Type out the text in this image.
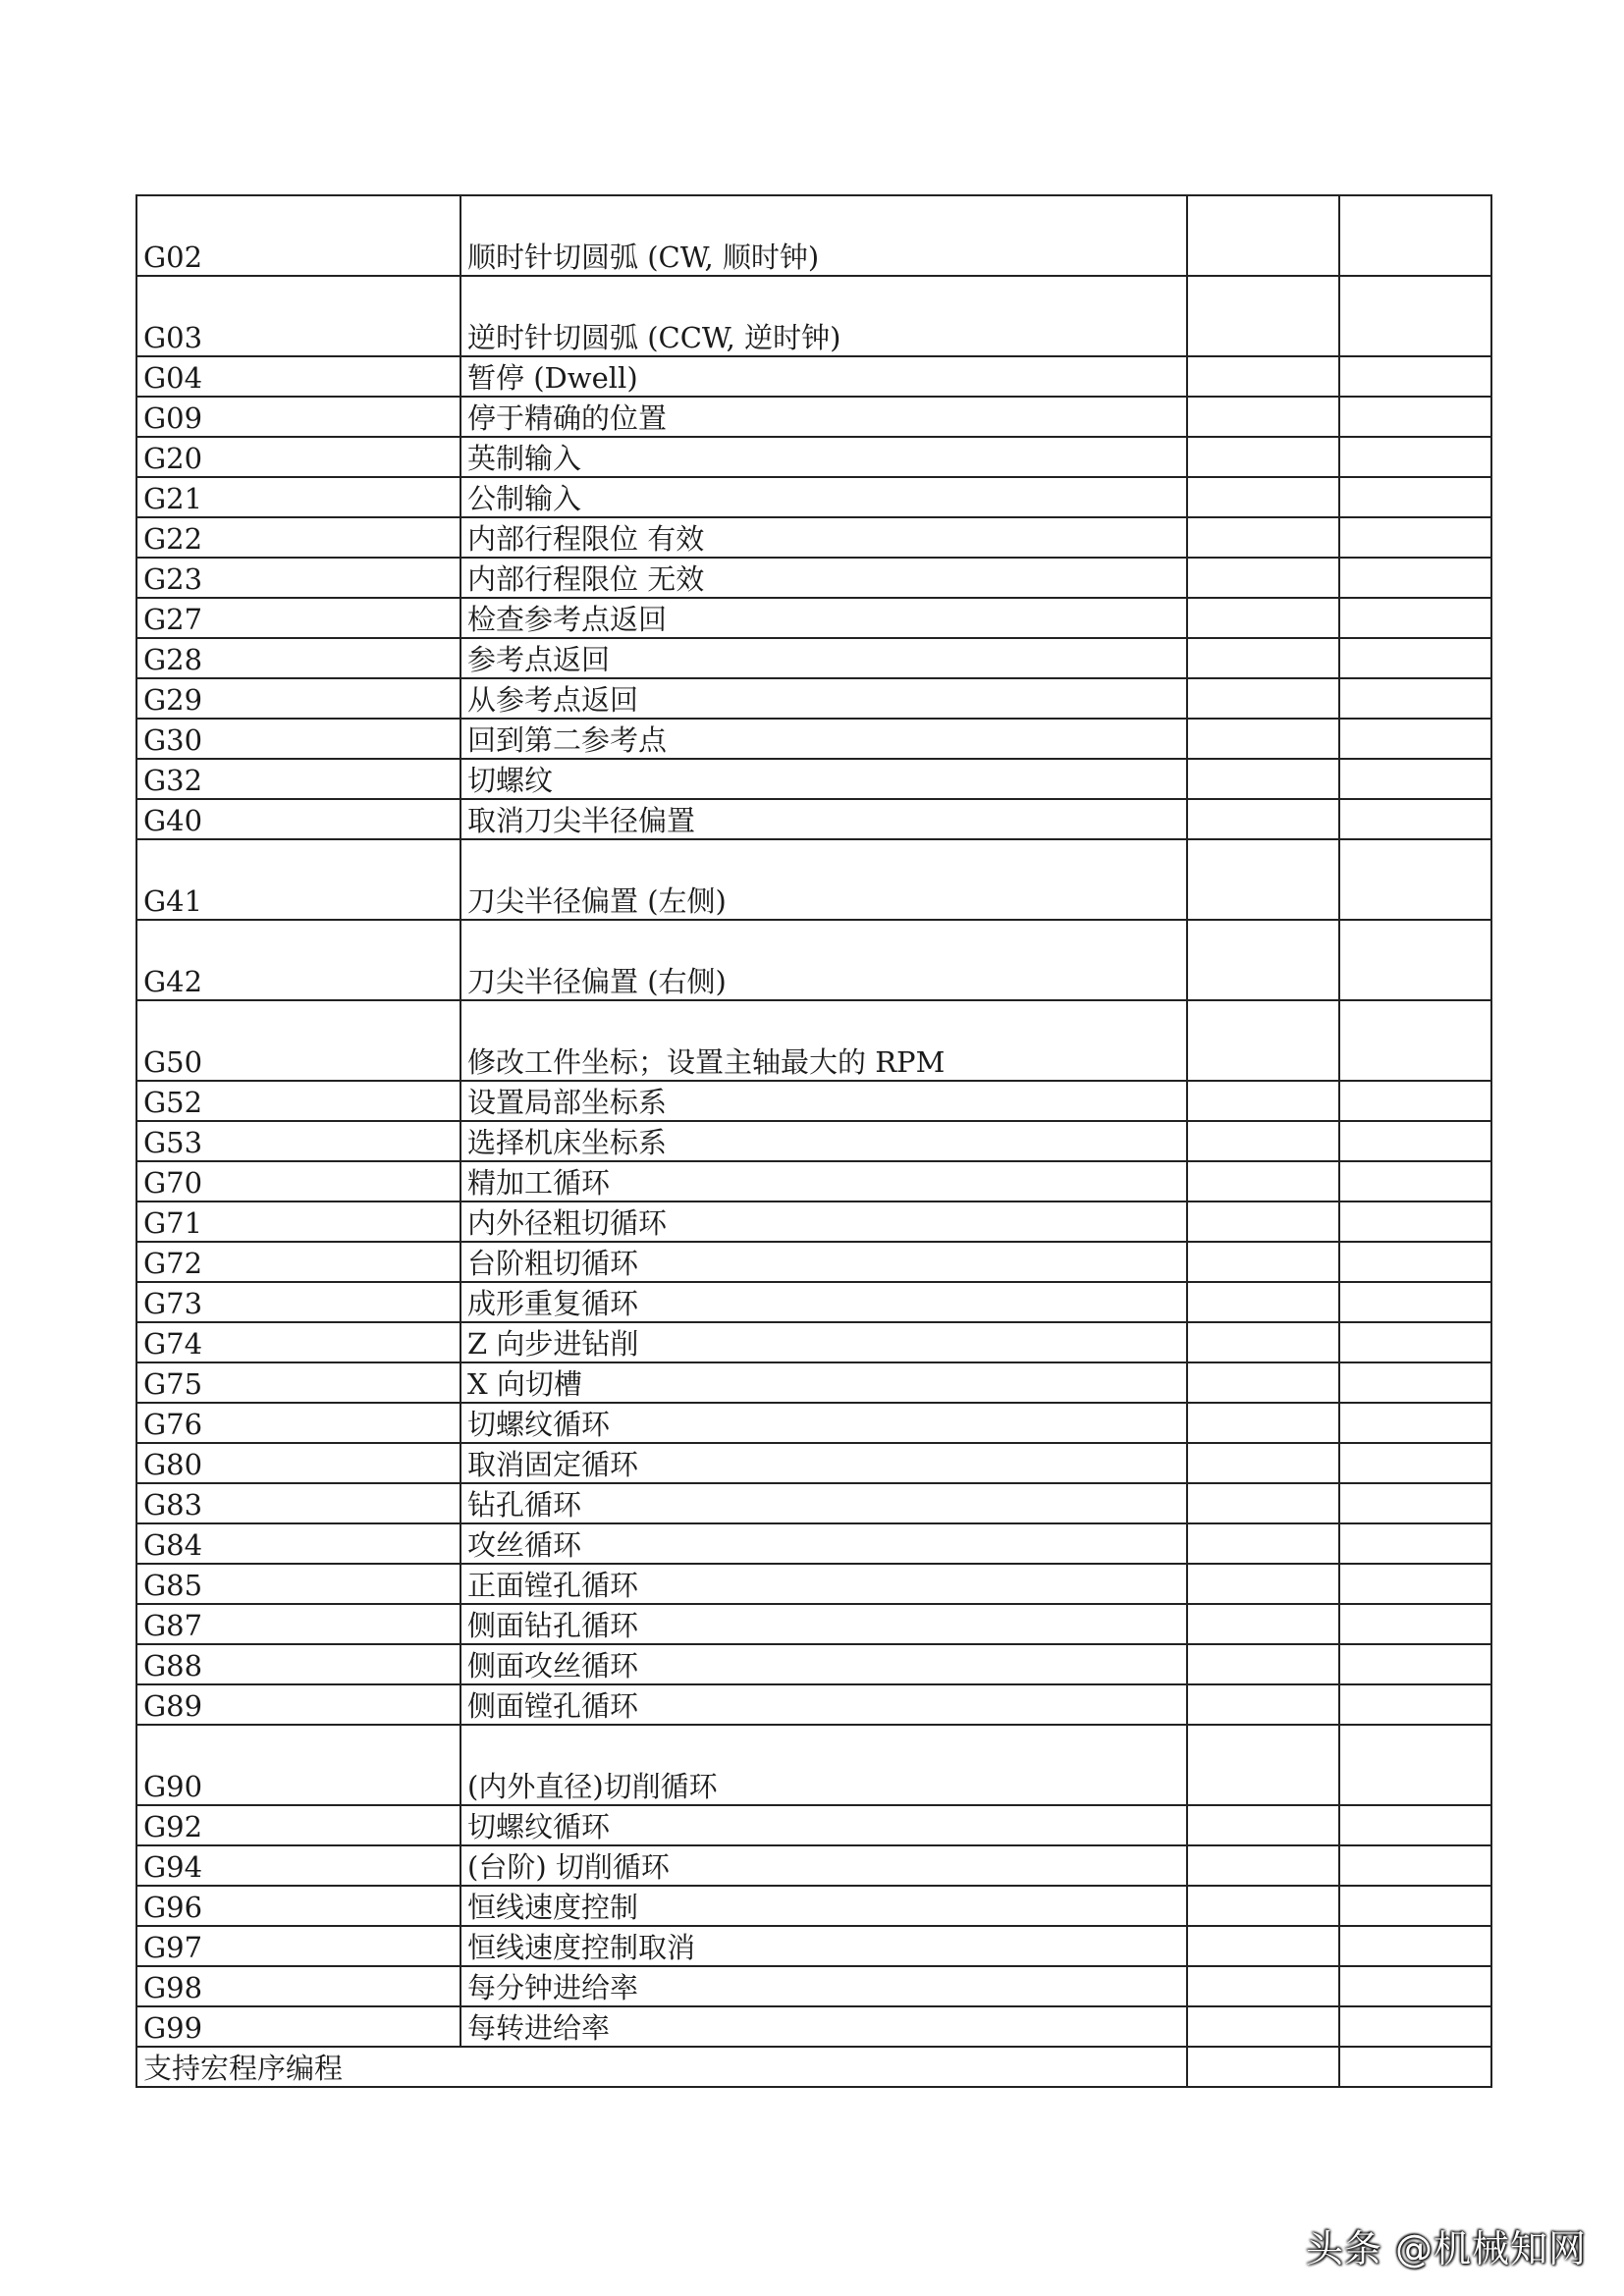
G02	顺时针切圆弧 (CW, 顺时钟)		
G03	逆时针切圆弧 (CCW, 逆时钟)		
G04	暂停 (Dwell)		
G09	停于精确的位置		
G20	英制输入		
G21	公制输入		
G22	内部行程限位 有效		
G23	内部行程限位 无效		
G27	检查参考点返回		
G28	参考点返回		
G29	从参考点返回		
G30	回到第二参考点		
G32	切螺纹		
G40	取消刀尖半径偏置		
G41	刀尖半径偏置 (左侧)		
G42	刀尖半径偏置 (右侧)		
G50	修改工件坐标；设置主轴最大的 RPM		
G52	设置局部坐标系		
G53	选择机床坐标系		
G70	精加工循环		
G71	内外径粗切循环		
G72	台阶粗切循环		
G73	成形重复循环		
G74	Z 向步进钻削		
G75	X 向切槽		
G76	切螺纹循环		
G80	取消固定循环		
G83	钻孔循环		
G84	攻丝循环		
G85	正面镗孔循环		
G87	侧面钻孔循环		
G88	侧面攻丝循环		
G89	侧面镗孔循环		
G90	(内外直径)切削循环		
G92	切螺纹循环		
G94	(台阶) 切削循环		
G96	恒线速度控制		
G97	恒线速度控制取消		
G98	每分钟进给率		
G99	每转进给率		
支持宏程序编程			
头条 @机械知网
